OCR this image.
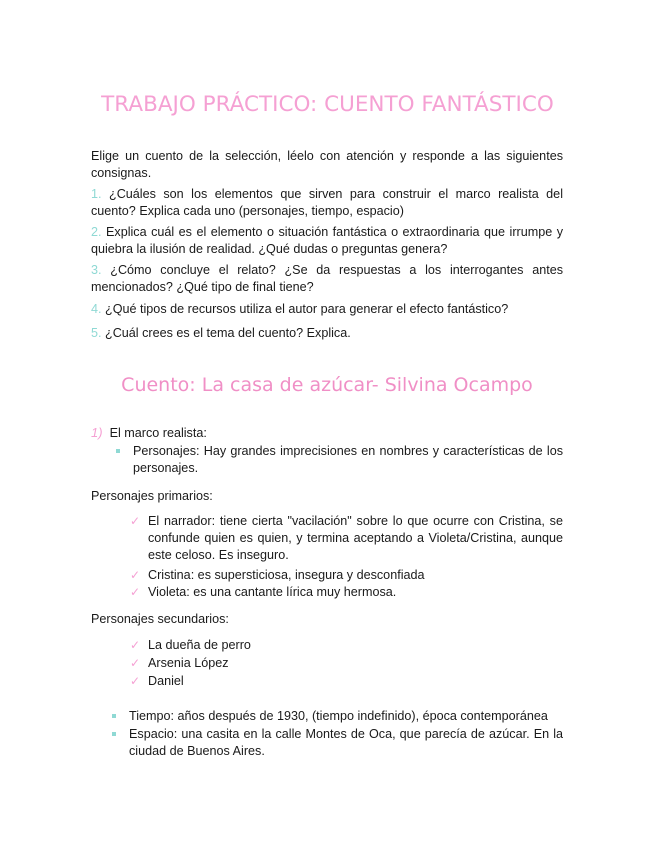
TRABAJO PRÁCTICO: CUENTO FANTÁSTICO

Elige un cuento de la selección, léelo con atención y responde a las siguientes consignas.

1. ¿Cuáles son los elementos que sirven para construir el marco realista del cuento? Explica cada uno (personajes, tiempo, espacio)

2. Explica cuál es el elemento o situación fantástica o extraordinaria que irrumpe y quiebra la ilusión de realidad. ¿Qué dudas o preguntas genera?

3. ¿Cómo concluye el relato? ¿Se da respuestas a los interrogantes antes mencionados? ¿Qué tipo de final tiene?

4. ¿Qué tipos de recursos utiliza el autor para generar el efecto fantástico?

5. ¿Cuál crees es el tema del cuento? Explica.

Cuento: La casa de azúcar- Silvina Ocampo
1) El marco realista:
Personajes: Hay grandes imprecisiones en nombres y características de los personajes.
Personajes primarios:
✓ El narrador: tiene cierta "vacilación" sobre lo que ocurre con Cristina, se confunde quien es quien, y termina aceptando a Violeta/Cristina, aunque este celoso. Es inseguro.
✓ Cristina: es supersticiosa, insegura y desconfiada
✓ Violeta: es una cantante lírica muy hermosa.
Personajes secundarios:
✓ La dueña de perro
✓ Arsenia López
✓ Daniel
Tiempo: años después de 1930, (tiempo indefinido), época contemporánea
Espacio: una casita en la calle Montes de Oca, que parecía de azúcar. En la ciudad de Buenos Aires.
